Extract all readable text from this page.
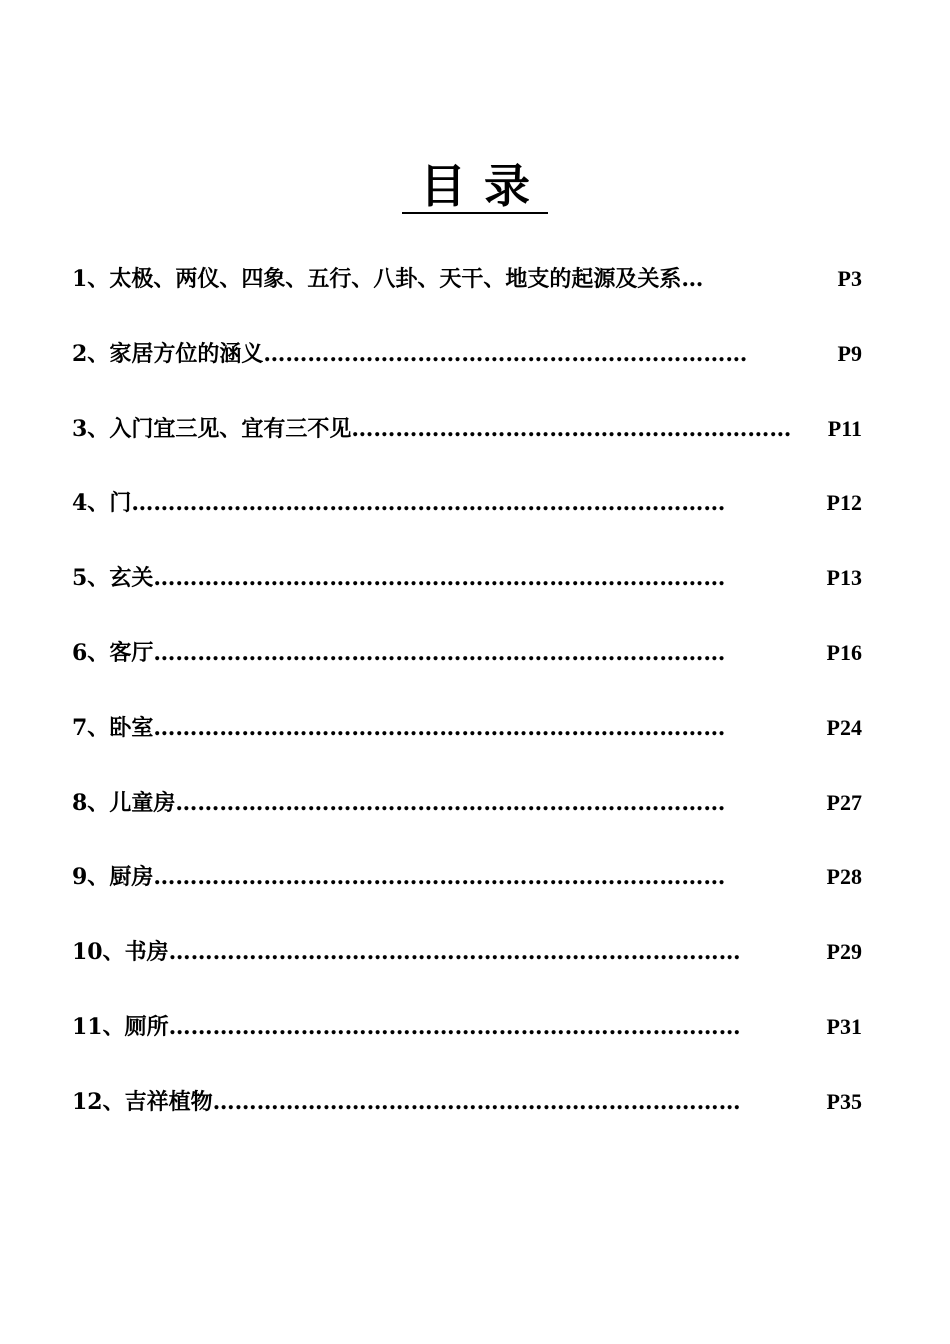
目录
1、 太极、两仪、四象、五行、八卦、天干、地支的起源及关系 …	P3
2、 家居方位的涵义 …………………………………………………………	P9
3、 入门宜三见、宜有三不见 ……………………………………………………	P11
4、 门 ………………………………………………………………………	P12
5、 玄关 ……………………………………………………………………	P13
6、 客厅 ……………………………………………………………………	P16
7、 卧室 ……………………………………………………………………	P24
8、 儿童房 …………………………………………………………………	P27
9、 厨房 ……………………………………………………………………	P28
10、 书房 ……………………………………………………………………	P29
11、 厕所 ……………………………………………………………………	P31
12、 吉祥植物 ………………………………………………………………	P35
